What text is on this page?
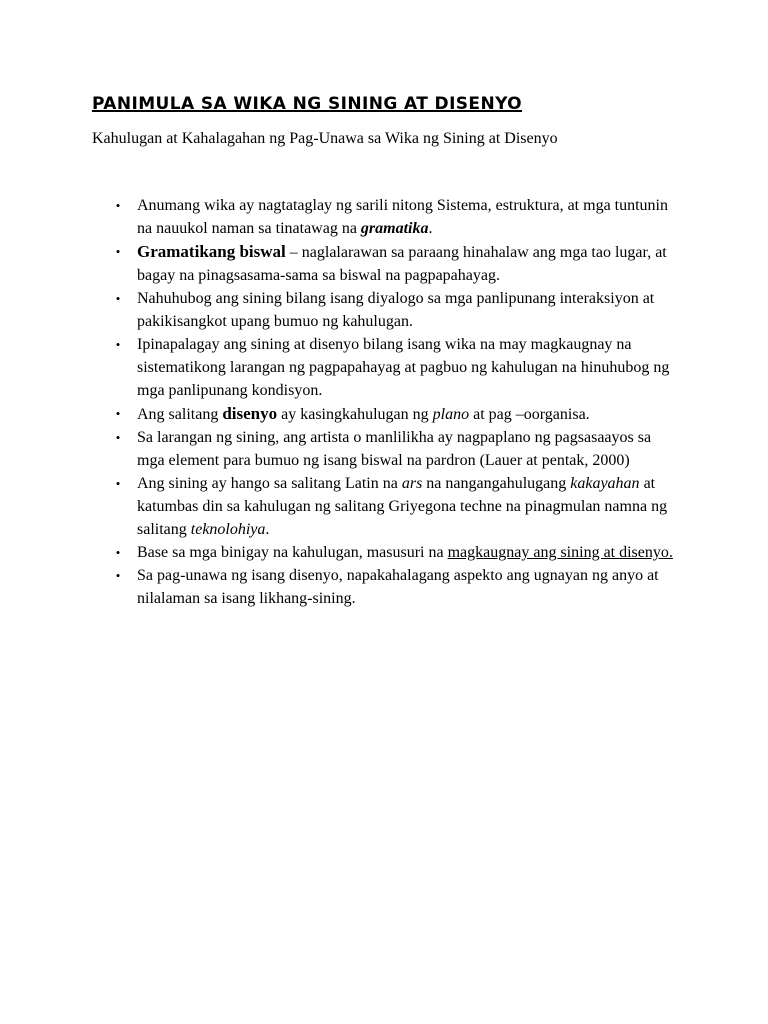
PANIMULA SA WIKA NG SINING AT DISENYO
Kahulugan at Kahalagahan ng Pag-Unawa sa Wika ng Sining at Disenyo
• Anumang wika ay nagtataglay ng sarili nitong Sistema, estruktura, at mga tuntunin na nauukol naman sa tinatawag na gramatika.
• Gramatikang biswal – naglalarawan sa paraang hinahalaw ang mga tao lugar, at bagay na pinagsasama-sama sa biswal na pagpapahayag.
• Nahuhubog ang sining bilang isang diyalogo sa mga panlipunang interaksiyon at pakikisangkot upang bumuo ng kahulugan.
• Ipinapalagay ang sining at disenyo bilang isang wika na may magkaugnay na sistematikong larangan ng pagpapahayag at pagbuo ng kahulugan na hinuhubog ng mga panlipunang kondisyon.
• Ang salitang disenyo ay kasingkahulugan ng plano at pag –oorganisa.
• Sa larangan ng sining, ang artista o manlilikha ay nagpaplano ng pagsasaayos sa mga element para bumuo ng isang biswal na pardron (Lauer at pentak, 2000)
• Ang sining ay hango sa salitang Latin na ars na nangangahulugang kakayahan at katumbas din sa kahulugan ng salitang Griyegona techne na pinagmulan namna ng salitang teknolohiya.
• Base sa mga binigay na kahulugan, masusuri na magkaugnay ang sining at disenyo.
• Sa pag-unawa ng isang disenyo, napakahalagang aspekto ang ugnayan ng anyo at nilalaman sa isang likhang-sining.
